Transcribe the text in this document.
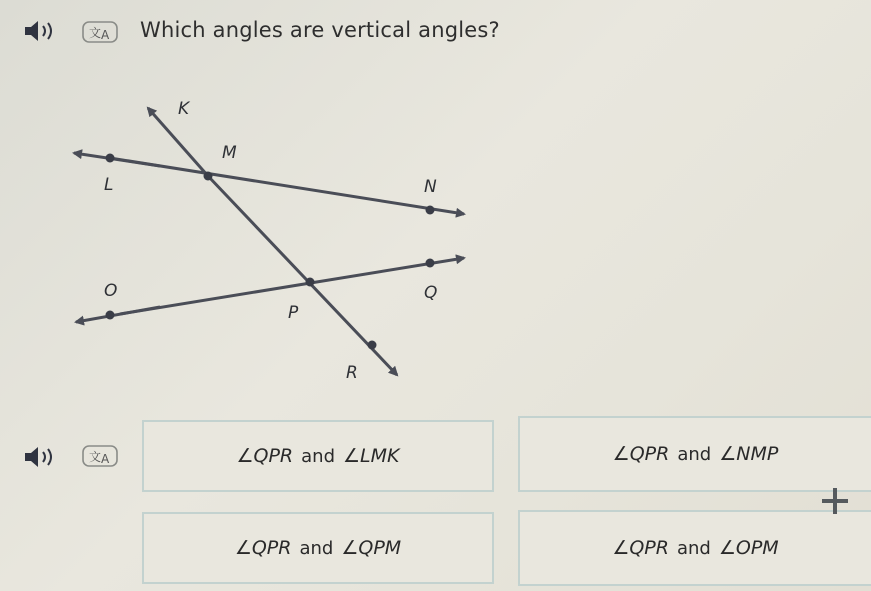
文 A Which angles are vertical angles?
K
M
L	N
O	Q
P
R
文 A	∠QPR and ∠LMK	∠QPR and ∠NMP
∠QPR and ∠QPM	∠QPR and ∠OPM
